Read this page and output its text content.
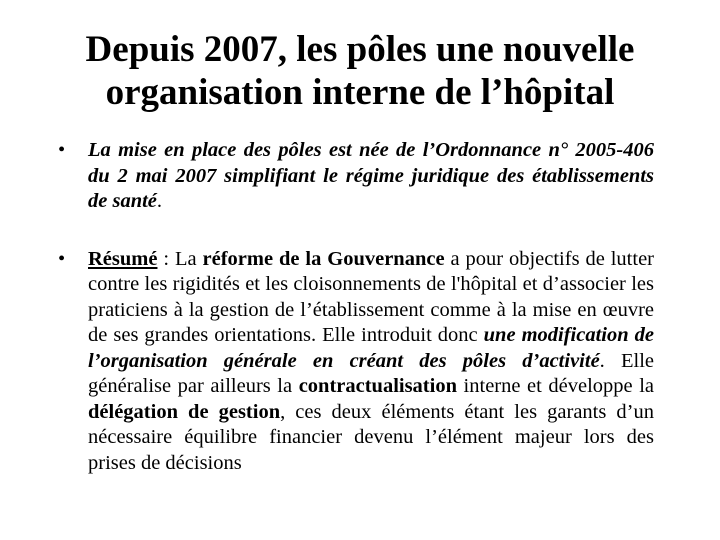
Depuis 2007, les pôles une nouvelle
organisation interne de l’hôpital
• La mise en place des pôles est née de l’Ordonnance n° 2005-406 du 2 mai 2007 simplifiant le régime juridique des établissements de santé.
• Résumé : La réforme de la Gouvernance a pour objectifs de lutter contre les rigidités et les cloisonnements de l'hôpital et d’associer les praticiens à la gestion de l’établissement comme à la mise en œuvre de ses grandes orientations. Elle introduit donc une modification de l’organisation générale en créant des pôles d’activité. Elle généralise par ailleurs la contractualisation interne et développe la délégation de gestion, ces deux éléments étant les garants d’un nécessaire équilibre financier devenu l’élément majeur lors des prises de décisions
